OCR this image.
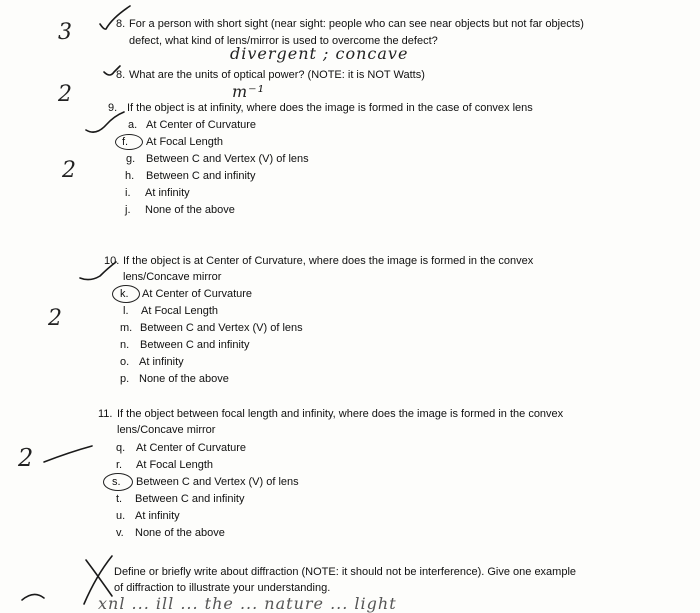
3	8. For a person with short sight (near sight: people who can see near objects but not far objects)
defect, what kind of lens/mirror is used to overcome the defect?
divergent ; concave
2
8. What are the units of optical power? (NOTE: it is NOT Watts)
m⁻¹
2
9. If the object is at infinity, where does the image is formed in the case of convex lens
a. At Center of Curvature
f. At Focal Length
g. Between C and Vertex (V) of lens
h. Between C and infinity
i. At infinity
j. None of the above
2
10. If the object is at Center of Curvature, where does the image is formed in the convex
lens/Concave mirror
k. At Center of Curvature
l. At Focal Length
m. Between C and Vertex (V) of lens
n. Between C and infinity
o. At infinity
p. None of the above
2
11. If the object between focal length and infinity, where does the image is formed in the convex
lens/Concave mirror
q. At Center of Curvature
r. At Focal Length
s. Between C and Vertex (V) of lens
t. Between C and infinity
u. At infinity
v. None of the above
Define or briefly write about diffraction (NOTE: it should not be interference). Give one example
of diffraction to illustrate your understanding.
xnl ... ill ... the ... nature ... light
